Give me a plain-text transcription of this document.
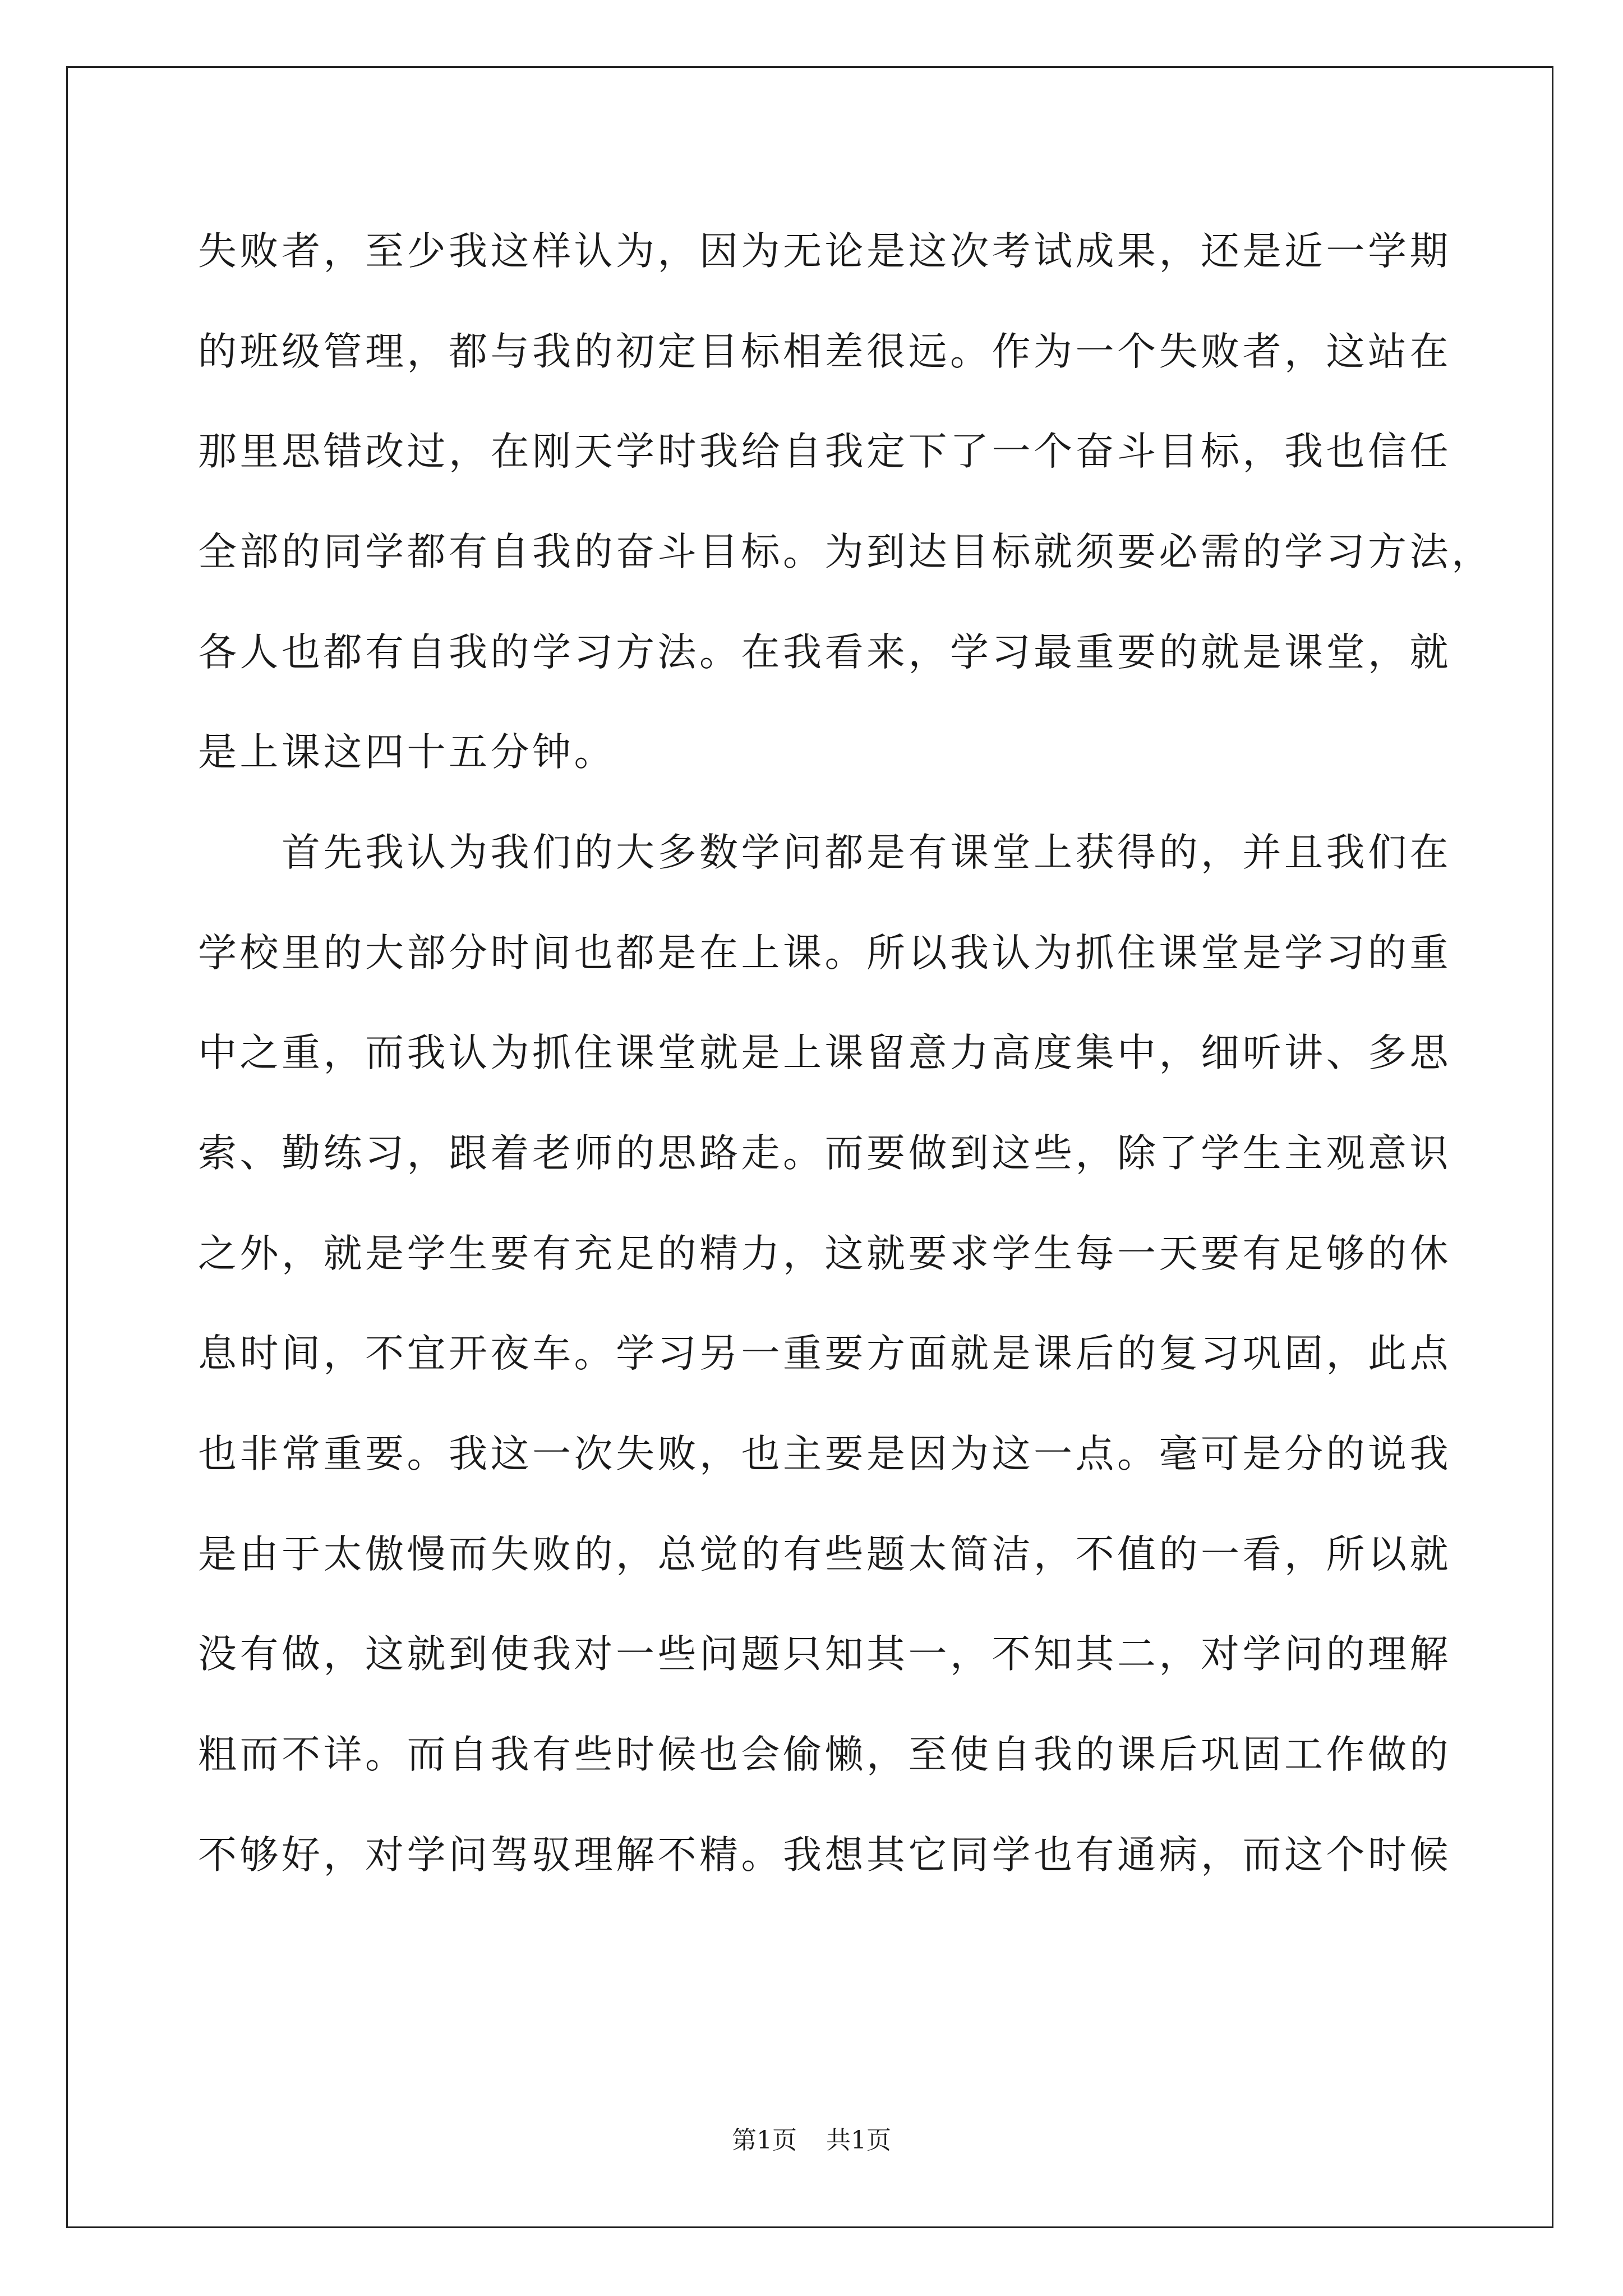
失败者，至少我这样认为，因为无论是这次考试成果，还是近一学期
的班级管理，都与我的初定目标相差很远。作为一个失败者，这站在
那里思错改过，在刚天学时我给自我定下了一个奋斗目标，我也信任
全部的同学都有自我的奋斗目标。为到达目标就须要必需的学习方法，
各人也都有自我的学习方法。在我看来，学习最重要的就是课堂，就
是上课这四十五分钟。
首先我认为我们的大多数学问都是有课堂上获得的，并且我们在
学校里的大部分时间也都是在上课。所以我认为抓住课堂是学习的重
中之重，而我认为抓住课堂就是上课留意力高度集中，细听讲、多思
索、勤练习，跟着老师的思路走。而要做到这些，除了学生主观意识
之外，就是学生要有充足的精力，这就要求学生每一天要有足够的休
息时间，不宜开夜车。学习另一重要方面就是课后的复习巩固，此点
也非常重要。我这一次失败，也主要是因为这一点。毫可是分的说我
是由于太傲慢而失败的，总觉的有些题太简洁，不值的一看，所以就
没有做，这就到使我对一些问题只知其一，不知其二，对学问的理解
粗而不详。而自我有些时候也会偷懒，至使自我的课后巩固工作做的
不够好，对学问驾驭理解不精。我想其它同学也有通病，而这个时候
第1页 共1页
